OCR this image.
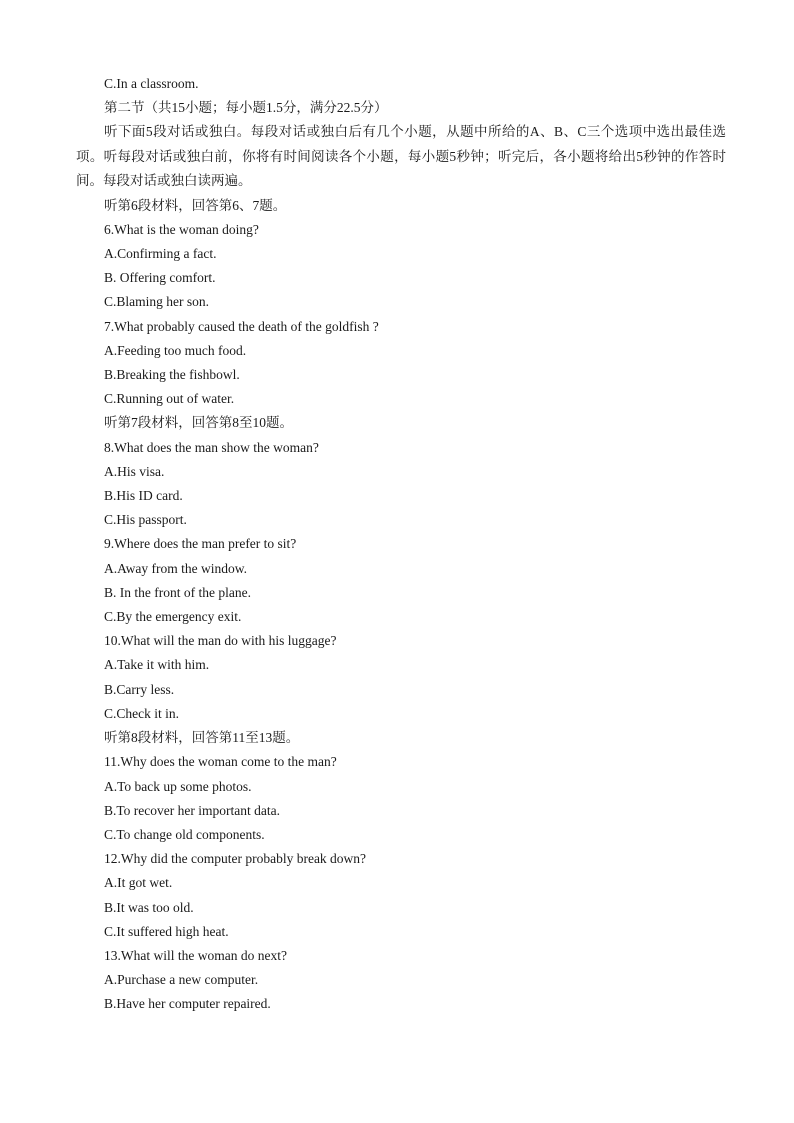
C.In a classroom.

第二节（共15小题；每小题1.5分，满分22.5分）

听下面5段对话或独白。每段对话或独白后有几个小题，从题中所给的A、B、C三个选项中选出最佳选项。听每段对话或独白前，你将有时间阅读各个小题，每小题5秒钟；听完后，各小题将给出5秒钟的作答时间。每段对话或独白读两遍。

听第6段材料，回答第6、7题。

6.What is the woman doing?

A.Confirming a fact.

B. Offering comfort.

C.Blaming her son.

7.What probably caused the death of the goldfish ?

A.Feeding too much food.

B.Breaking the fishbowl.

C.Running out of water.

听第7段材料，回答第8至10题。

8.What does the man show the woman?

A.His visa.

B.His ID card.

C.His passport.

9.Where does the man prefer to sit?

A.Away from the window.

B. In the front of the plane.

C.By the emergency exit.

10.What will the man do with his luggage?

A.Take it with him.

B.Carry less.

C.Check it in.

听第8段材料，回答第11至13题。

11.Why does the woman come to the man?

A.To back up some photos.

B.To recover her important data.

C.To change old components.

12.Why did the computer probably break down?

A.It got wet.

B.It was too old.

C.It suffered high heat.

13.What will the woman do next?

A.Purchase a new computer.

B.Have her computer repaired.
